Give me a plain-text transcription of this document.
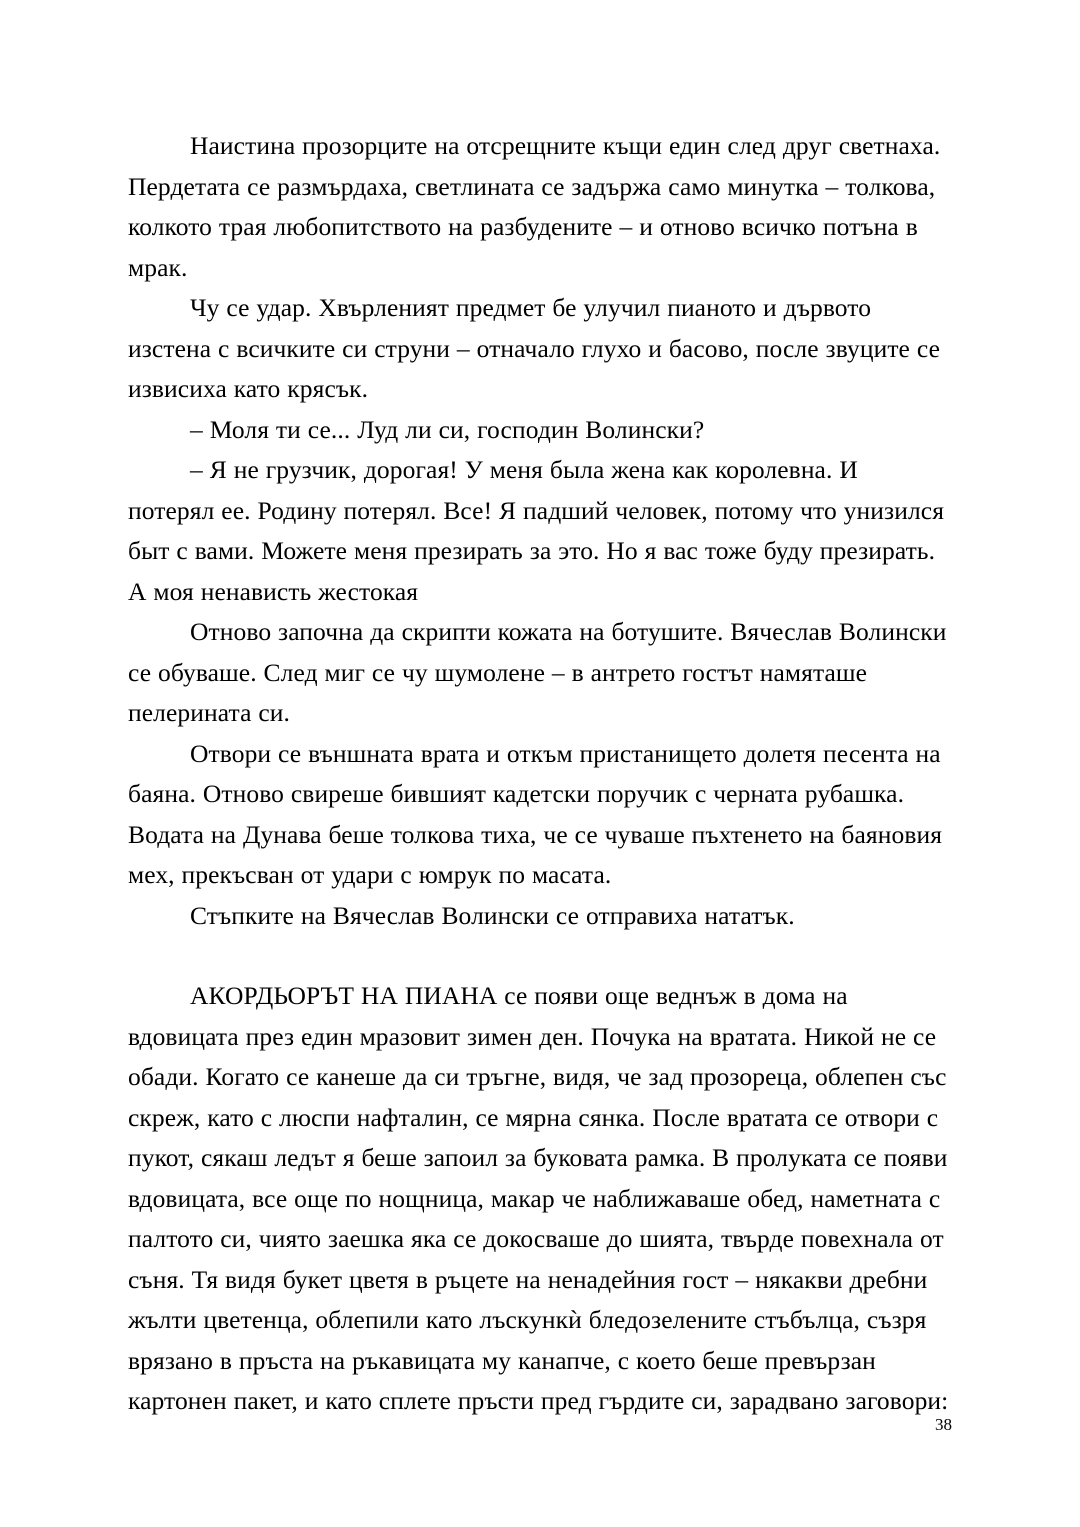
Наистина прозорците на отсрещните къщи един след друг светнаха. Пердетата се размърдаха, светлината се задържа само минутка – толкова, колкото трая любопитството на разбудените – и отново всичко потъна в мрак.

Чу се удар. Хвърленият предмет бе улучил пианото и дървото изстена с всичките си струни – отначало глухо и басово, после звуците се извисиха като крясък.

– Моля ти се... Луд ли си, господин Волински?

– Я не грузчик, дорогая! У меня была жена как королевна. И потерял ее. Родину потерял. Все! Я падший человек, потому что унизился быт с вами. Можете меня презирать за это. Но я вас тоже буду презирать. А моя ненависть жестокая

Отново започна да скрипти кожата на ботушите. Вячеслав Волински се обуваше. След миг се чу шумолене – в антрето гостът намяташе пелерината си.

Отвори се външната врата и откъм пристанището долетя песента на баяна. Отново свиреше бившият кадетски поручик с черната рубашка. Водата на Дунава беше толкова тиха, че се чуваше пъхтенето на баяновия мех, прекъсван от удари с юмрук по масата.

Стъпките на Вячеслав Волински се отправиха нататък.

АКОРДЬОРЪТ НА ПИАНА се появи още веднъж в дома на вдовицата през един мразовит зимен ден. Почука на вратата. Никой не се обади. Когато се канеше да си тръгне, видя, че зад прозореца, облепен със скреж, като с люспи нафталин, се мярна сянка. После вратата се отвори с пукот, сякаш ледът я беше запоил за буковата рамка. В пролуката се появи вдовицата, все още по нощница, макар че наближаваше обед, наметната с палтото си, чиято заешка яка се докосваше до шията, твърде повехнала от съня. Тя видя букет цветя в ръцете на ненадейния гост – някакви дребни жълти цветенца, облепили като лъскункѝ бледозелените стъбълца, съзря врязано в пръста на ръкавицата му канапче, с което беше превързан картонен пакет, и като сплете пръсти пред гърдите си, зарадвано заговори:

38
